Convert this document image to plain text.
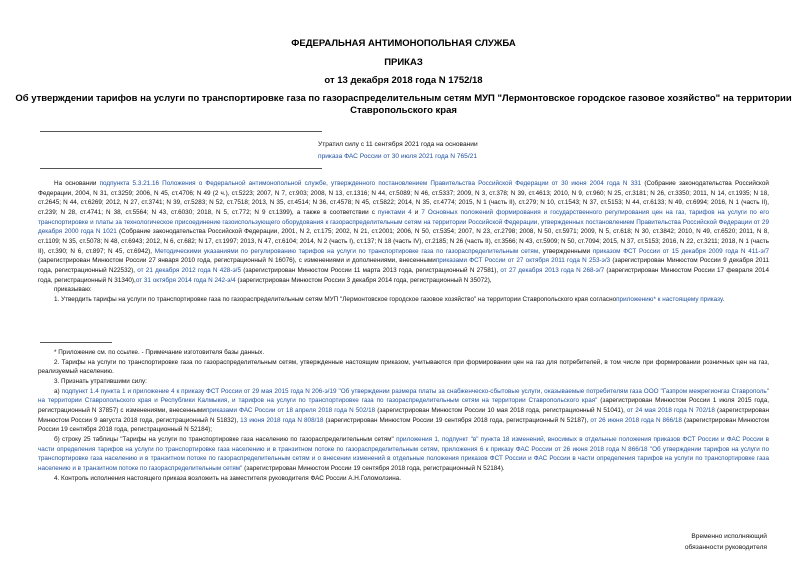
ФЕДЕРАЛЬНАЯ АНТИМОНОПОЛЬНАЯ СЛУЖБА
ПРИКАЗ
от 13 декабря 2018 года N 1752/18
Об утверждении тарифов на услуги по транспортировке газа по газораспределительным сетям МУП "Лермонтовское городское газовое хозяйство" на территории
Ставропольского края
Утратил силу с 11 сентября 2021 года на основании
приказа ФАС России от 30 июля 2021 года N 765/21

На основании подпункта 5.3.21.16 Положения о Федеральной антимонопольной службе, утвержденного постановлением Правительства Российской Федерации от 30 июня 2004 года N 331 (Собрание законодательства Российской Федерации, 2004, N 31, ст.3259; 2006, N 45, ст.4706; N 49 (2 ч.), ст.5223; 2007, N 7, ст.903; 2008, N 13, ст.1316; N 44, ст.5089; N 46, ст.5337; 2009, N 3, ст.378; N 39, ст.4613; 2010, N 9, ст.960; N 25, ст.3181; N 26, ст.3350; 2011, N 14, ст.1935; N 18, ст.2645; N 44, ст.6269; 2012, N 27, ст.3741; N 39, ст.5283; N 52, ст.7518; 2013, N 35, ст.4514; N 36, ст.4578; N 45, ст.5822; 2014, N 35, ст.4774; 2015, N 1 (часть II), ст.279; N 10, ст.1543; N 37, ст.5153; N 44, ст.6133; N 49, ст.6994; 2016, N 1 (часть II), ст.239; N 28, ст.4741; N 38, ст.5564; N 43, ст.6030; 2018, N 5, ст.772; N 9 ст.1399), а также в соответствии с пунктами 4 и 7 Основных положений формирования и государственного регулирования цен на газ, тарифов на услуги по его транспортировке и платы за технологическое присоединение газоиспользующего оборудования к газораспределительным сетям на территории Российской Федерации, утвержденных постановлением Правительства Российской Федерации от 29 декабря 2000 года N 1021 (Собрание законодательства Российской Федерации, 2001, N 2, ст.175; 2002, N 21, ст.2001; 2006, N 50, ст.5354; 2007, N 23, ст.2798; 2008, N 50, ст.5971; 2009, N 5, ст.618; N 30, ст.3842; 2010, N 49, ст.6520; 2011, N 8, ст.1109; N 35, ст.5078; N 48, ст.6943; 2012, N 6, ст.682; N 17, ст.1997; 2013, N 47, ст.6104; 2014, N 2 (часть I), ст.137; N 18 (часть IV), ст.2185; N 26 (часть II), ст.3566; N 43, ст.5909; N 50, ст.7094; 2015, N 37, ст.5153; 2016, N 22, ст.3211; 2018, N 1 (часть II), ст.390; N 6, ст.897; N 45, ст.6942), Методическими указаниями по регулированию тарифов на услуги по транспортировке газа по газораспределительным сетям, утвержденными приказом ФСТ России от 15 декабря 2009 года N 411-э/7 (зарегистрирован Минюстом России 27 января 2010 года, регистрационный N 16076), с изменениями и дополнениями, внесеннымиприказами ФСТ России от 27 октября 2011 года N 253-э/3 (зарегистрирован Минюстом России 9 декабря 2011 года, регистрационный N22532), от 21 декабря 2012 года N 428-э/5 (зарегистрирован Минюстом России 11 марта 2013 года, регистрационный N 27581), от 27 декабря 2013 года N 268-э/7 (зарегистрирован Минюстом России 17 февраля 2014 года, регистрационный N 31340),от 31 октября 2014 года N 242-э/4 (зарегистрирован Минюстом России 3 декабря 2014 года, регистрационный N 35072),

приказываю:

1. Утвердить тарифы на услуги по транспортировке газа по газораспределительным сетям МУП "Лермонтовское городское газовое хозяйство" на территории Ставропольского края согласноприложению* к настоящему приказу.

* Приложение см. по ссылке. - Примечание изготовителя базы данных.

2. Тарифы на услуги по транспортировке газа по газораспределительным сетям, утвержденные настоящим приказом, учитываются при формировании цен на газ для потребителей, в том числе при формировании розничных цен на газ, реализуемый населению.

3. Признать утратившими силу:

а) подпункт 1.4 пункта 1 и приложение 4 к приказу ФСТ России от 29 мая 2015 года N 206-э/19 "Об утверждении размера платы за снабженческо-сбытовые услуги, оказываемые потребителям газа ООО "Газпром межрегионгаз Ставрополь" на территории Ставропольского края и Республики Калмыкия, и тарифов на услуги по транспортировке газа по газораспределительным сетям на территории Ставропольского края" (зарегистрирован Минюстом России 1 июля 2015 года, регистрационный N 37857) с изменениями, внесеннымиприказами ФАС России от 18 апреля 2018 года N 502/18 (зарегистрирован Минюстом России 10 мая 2018 года, регистрационный N 51041), от 24 мая 2018 года N 702/18 (зарегистрирован Минюстом России 9 августа 2018 года, регистрационный N 51832), 13 июня 2018 года N 808/18 (зарегистрирован Минюстом России 19 сентября 2018 года, регистрационный N 52187), от 26 июня 2018 года N 866/18 (зарегистрирован Минюстом России 19 сентября 2018 года, регистрационный N 52184);

б) строку 25 таблицы "Тарифы на услуги по транспортировке газа населению по газораспределительным сетям" приложения 1, подпункт "в" пункта 18 изменений, вносимых в отдельные положения приказов ФСТ России и ФАС России в части определения тарифов на услуги по транспортировке газа населению и в транзитном потоке по газораспределительным сетям, приложения 6 к приказу ФАС России от 26 июня 2018 года N 866/18 "Об утверждении тарифов на услуги по транспортировке газа населению и в транзитном потоке по газораспределительным сетям и о внесении изменений в отдельные положения приказов ФСТ России и ФАС России в части определения тарифов на услуги по транспортировке газа населению и в транзитном потоке по газораспределительным сетям" (зарегистрирован Минюстом России 19 сентября 2018 года, регистрационный N 52184).

4. Контроль исполнения настоящего приказа возложить на заместителя руководителя ФАС России А.Н.Голомолзина.

Временно исполняющий
обязанности руководителя
